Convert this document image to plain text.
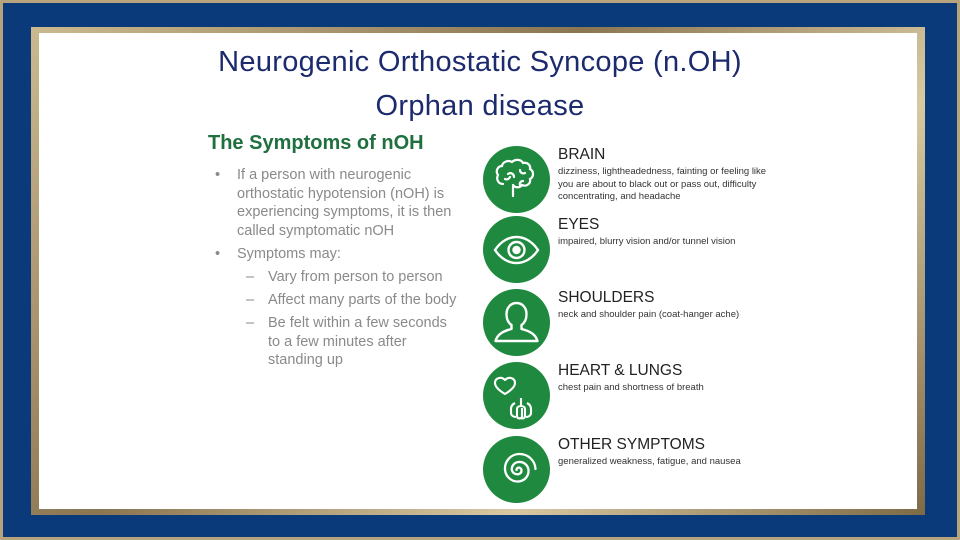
Neurogenic Orthostatic Syncope (n.OH)
Orphan disease
The Symptoms of nOH
• If a person with neurogenic orthostatic hypotension (nOH) is experiencing symptoms, it is then called symptomatic nOH
• Symptoms may:
– Vary from person to person
– Affect many parts of the body
– Be felt within a few seconds to a few minutes after standing up
BRAIN
dizziness, lightheadedness, fainting or feeling like you are about to black out or pass out, difficulty concentrating, and headache
EYES
impaired, blurry vision and/or tunnel vision
SHOULDERS
neck and shoulder pain (coat-hanger ache)
HEART & LUNGS
chest pain and shortness of breath
OTHER SYMPTOMS
generalized weakness, fatigue, and nausea
